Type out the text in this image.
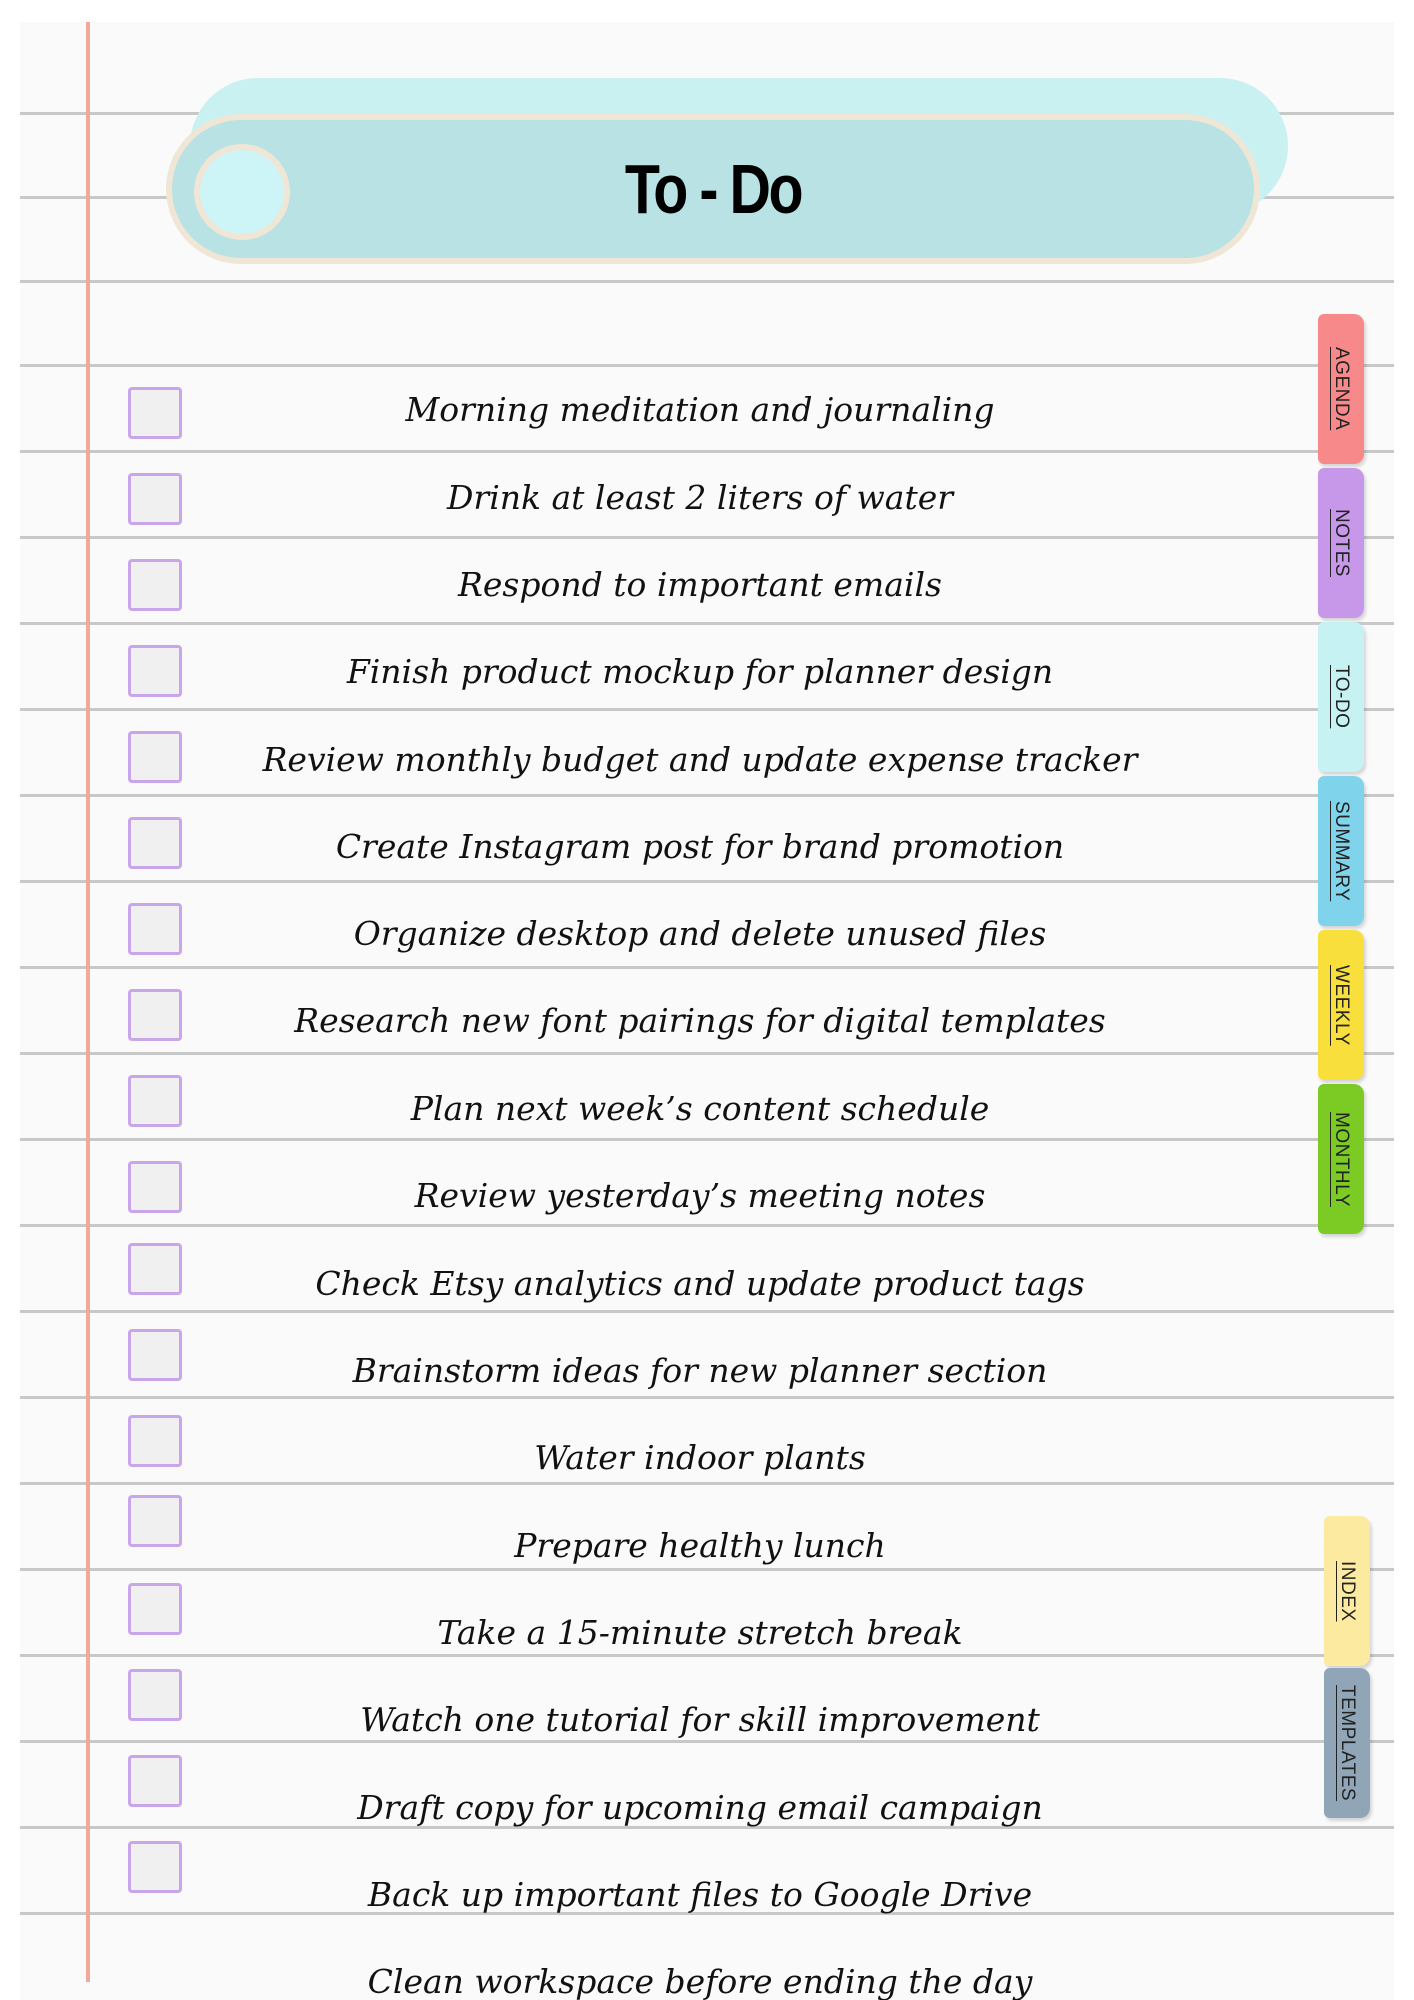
To - Do
Morning meditation and journaling
Drink at least 2 liters of water
Respond to important emails
Finish product mockup for planner design
Review monthly budget and update expense tracker
Create Instagram post for brand promotion
Organize desktop and delete unused files
Research new font pairings for digital templates
Plan next week’s content schedule
Review yesterday’s meeting notes
Check Etsy analytics and update product tags
Brainstorm ideas for new planner section
Water indoor plants
Prepare healthy lunch
Take a 15-minute stretch break
Watch one tutorial for skill improvement
Draft copy for upcoming email campaign
Back up important files to Google Drive
Clean workspace before ending the day
AGENDA
NOTES
TO-DO
SUMMARY
WEEKLY
MONTHLY
INDEX
TEMPLATES
